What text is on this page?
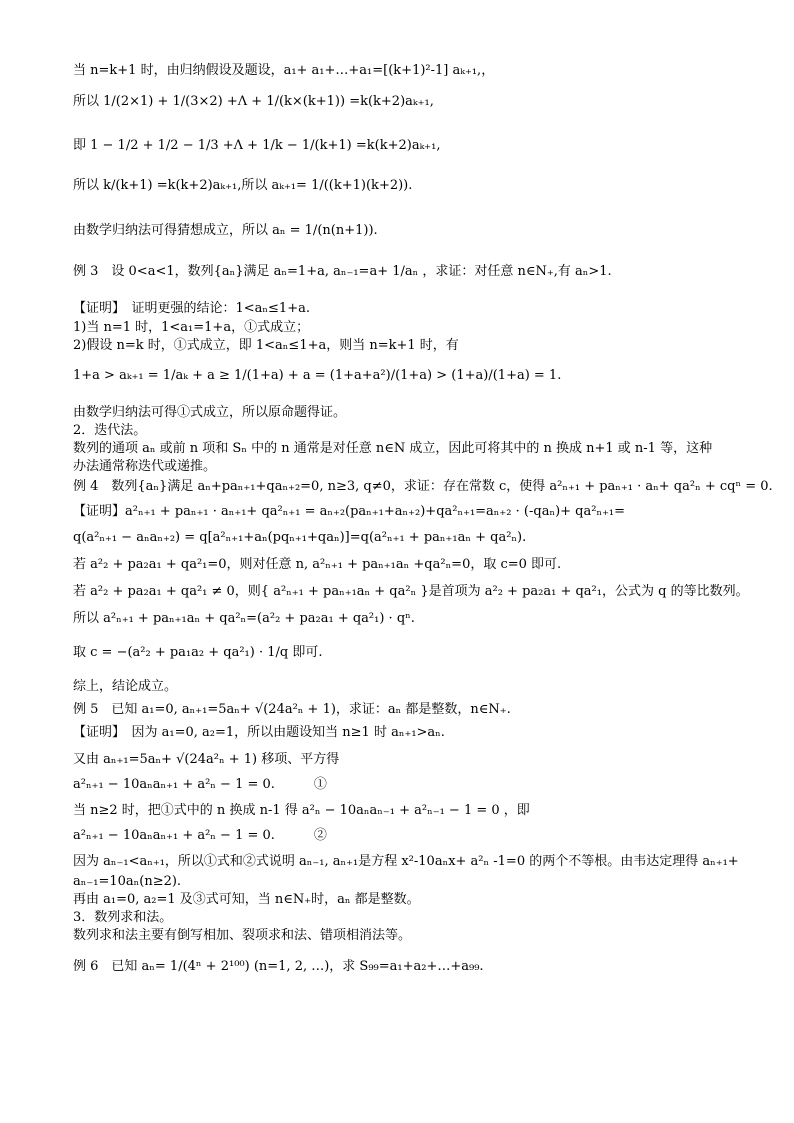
当 n=k+1 时，由归纳假设及题设，a₁+ a₁+…+a₁=[(k+1)²-1] aₖ₊₁,，
所以 1/(2×1) + 1/(3×2) +Λ + 1/(k×(k+1)) =k(k+2)aₖ₊₁,
即 1 − 1/2 + 1/2 − 1/3 +Λ + 1/k − 1/(k+1) =k(k+2)aₖ₊₁,
所以 k/(k+1) =k(k+2)aₖ₊₁,所以 aₖ₊₁= 1/((k+1)(k+2)).
由数学归纳法可得猜想成立，所以 aₙ = 1/(n(n+1)).
例 3　设 0<a<1，数列{aₙ}满足 aₙ=1+a, aₙ₋₁=a+ 1/aₙ ，求证：对任意 n∈N₊,有 aₙ>1.
【证明】　证明更强的结论：1<aₙ≤1+a.
1)当 n=1 时，1<a₁=1+a，①式成立；
2)假设 n=k 时，①式成立，即 1<aₙ≤1+a，则当 n=k+1 时，有
1+a > aₖ₊₁ = 1/aₖ + a ≥ 1/(1+a) + a = (1+a+a²)/(1+a) > (1+a)/(1+a) = 1.
由数学归纳法可得①式成立，所以原命题得证。
2．迭代法。
数列的通项 aₙ 或前 n 项和 Sₙ 中的 n 通常是对任意 n∈N 成立，因此可将其中的 n 换成 n+1 或 n-1 等，这种
办法通常称迭代或递推。
例 4　数列{aₙ}满足 aₙ+paₙ₊₁+qaₙ₊₂=0, n≥3, q≠0，求证：存在常数 c，使得 a²ₙ₊₁ + paₙ₊₁ · aₙ+ qa²ₙ + cqⁿ = 0.
【证明】a²ₙ₊₁ + paₙ₊₁ · aₙ₊₁+ qa²ₙ₊₁ = aₙ₊₂(paₙ₊₁+aₙ₊₂)+qa²ₙ₊₁=aₙ₊₂ · (-qaₙ)+ qa²ₙ₊₁=
q(a²ₙ₊₁ − aₙaₙ₊₂) = q[a²ₙ₊₁+aₙ(pqₙ₊₁+qaₙ)]=q(a²ₙ₊₁ + paₙ₊₁aₙ + qa²ₙ).
若 a²₂ + pa₂a₁ + qa²₁=0，则对任意 n, a²ₙ₊₁ + paₙ₊₁aₙ +qa²ₙ=0，取 c=0 即可.
若 a²₂ + pa₂a₁ + qa²₁ ≠ 0，则{ a²ₙ₊₁ + paₙ₊₁aₙ + qa²ₙ }是首项为 a²₂ + pa₂a₁ + qa²₁，公式为 q 的等比数列。
所以 a²ₙ₊₁ + paₙ₊₁aₙ + qa²ₙ=(a²₂ + pa₂a₁ + qa²₁) · qⁿ.
取 c = −(a²₂ + pa₁a₂ + qa²₁) · 1/q 即可.
综上，结论成立。
例 5　已知 a₁=0, aₙ₊₁=5aₙ+ √(24a²ₙ + 1)，求证：aₙ 都是整数，n∈N₊.
【证明】　因为 a₁=0, a₂=1，所以由题设知当 n≥1 时 aₙ₊₁>aₙ.
又由 aₙ₊₁=5aₙ+ √(24a²ₙ + 1) 移项、平方得
a²ₙ₊₁ − 10aₙaₙ₊₁ + a²ₙ − 1 = 0.　　　①
当 n≥2 时，把①式中的 n 换成 n-1 得 a²ₙ − 10aₙaₙ₋₁ + a²ₙ₋₁ − 1 = 0 ，即
a²ₙ₊₁ − 10aₙaₙ₊₁ + a²ₙ − 1 = 0.　　　②
因为 aₙ₋₁<aₙ₊₁，所以①式和②式说明 aₙ₋₁, aₙ₊₁是方程 x²-10aₙx+ a²ₙ -1=0 的两个不等根。由韦达定理得 aₙ₊₁+
aₙ₋₁=10aₙ(n≥2).
再由 a₁=0, a₂=1 及③式可知，当 n∈N₊时，aₙ 都是整数。
3．数列求和法。
数列求和法主要有倒写相加、裂项求和法、错项相消法等。
例 6　已知 aₙ= 1/(4ⁿ + 2¹⁰⁰) (n=1, 2, …)，求 S₉₉=a₁+a₂+…+a₉₉.
